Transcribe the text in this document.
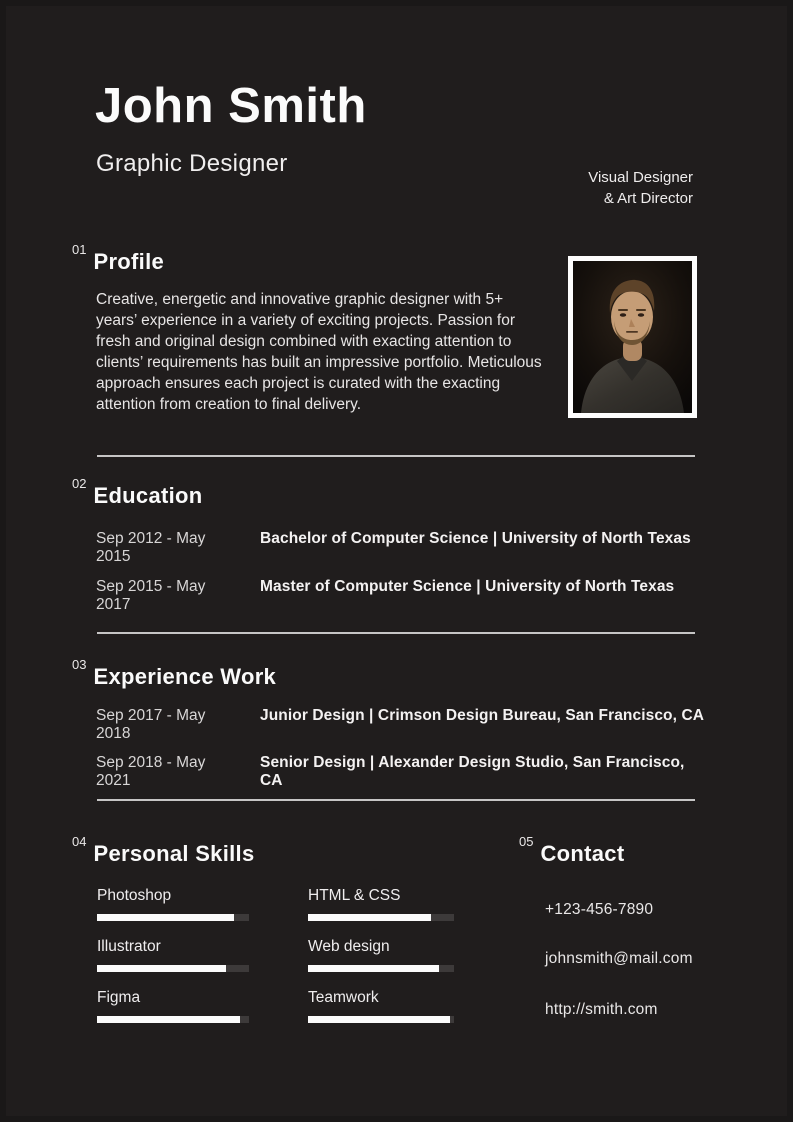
John Smith
Graphic Designer
Visual Designer
& Art Director
01 Profile
Creative, energetic and innovative graphic designer with 5+ years’ experience in a variety of exciting projects. Passion for fresh and original design combined with exacting attention to clients’ requirements has built an impressive portfolio. Meticulous approach ensures each project is curated with the exacting attention from creation to final delivery.
02 Education
Sep 2012 - May 2015
Bachelor of Computer Science | University of North Texas
Sep 2015 - May 2017
Master of Computer Science | University of North Texas
03 Experience Work
Sep 2017 - May 2018
Junior Design | Crimson Design Bureau, San Francisco, CA
Sep 2018 - May 2021
Senior Design | Alexander Design Studio, San Francisco, CA
04 Personal Skills
Photoshop
Illustrator
Figma
HTML & CSS
Web design
Teamwork
05 Contact
+123-456-7890
johnsmith@mail.com
http://smith.com
